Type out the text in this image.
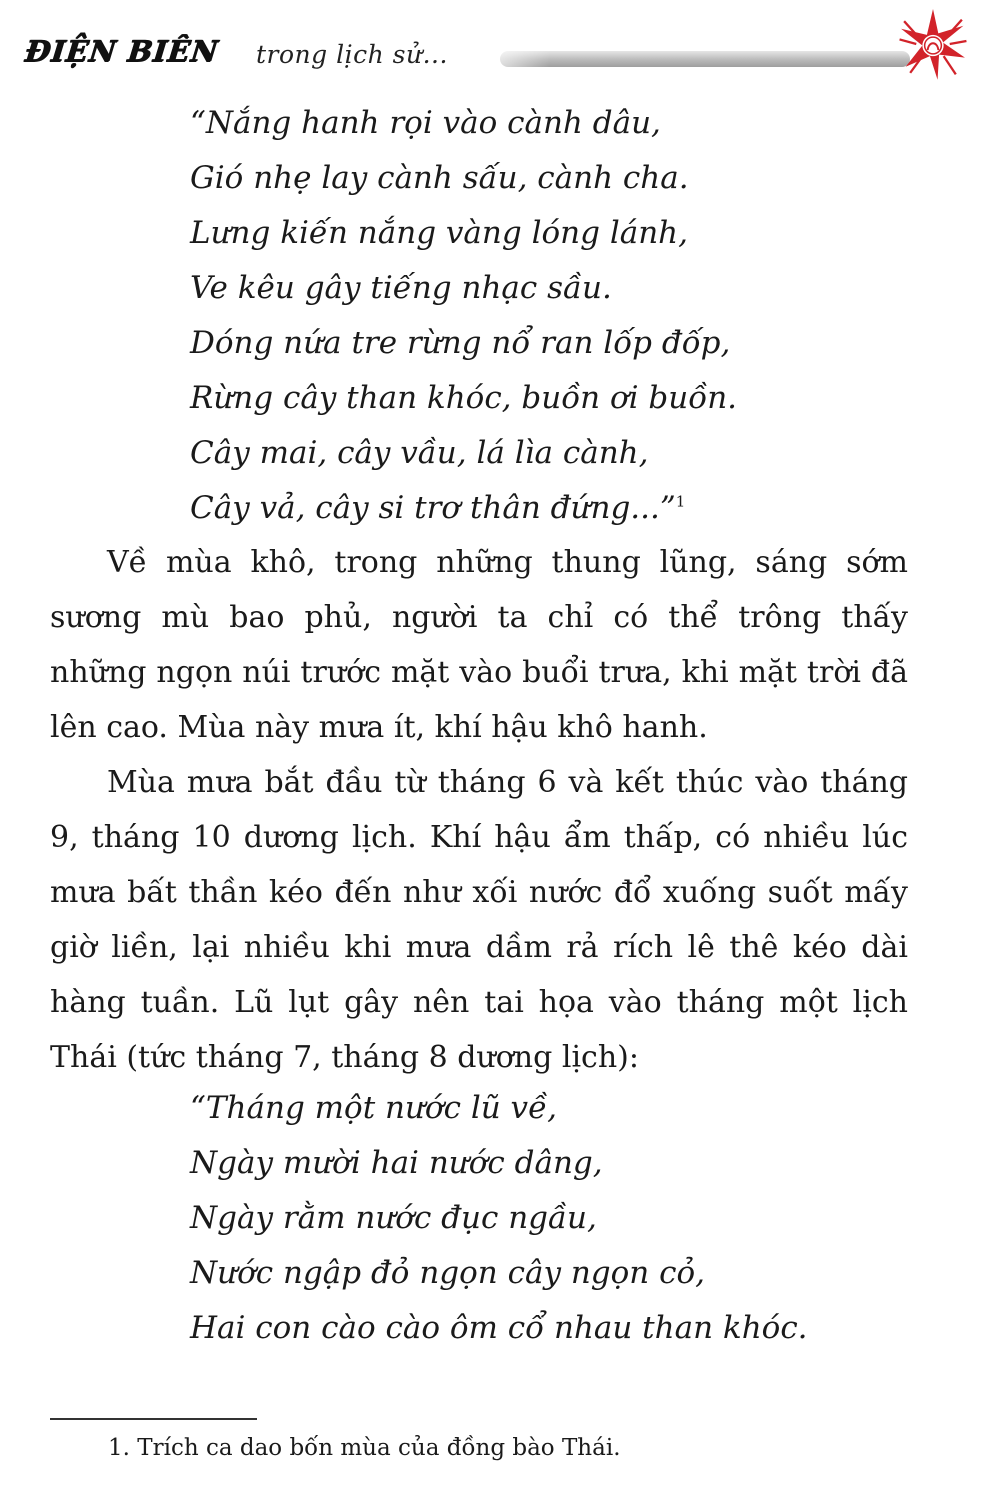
ĐIỆN BIÊN trong lịch sử...
“Nắng hanh rọi vào cành dâu,
Gió nhẹ lay cành sấu, cành cha.
Lưng kiến nắng vàng lóng lánh,
Ve kêu gây tiếng nhạc sầu.
Dóng nứa tre rừng nổ ran lốp đốp,
Rừng cây than khóc, buồn ơi buồn.
Cây mai, cây vầu, lá lìa cành,
Cây vả, cây si trơ thân đứng...”$^1$

Về mùa khô, trong những thung lũng, sáng sớm sương mù bao phủ, người ta chỉ có thể trông thấy những ngọn núi trước mặt vào buổi trưa, khi mặt trời đã lên cao. Mùa này mưa ít, khí hậu khô hanh.

Mùa mưa bắt đầu từ tháng 6 và kết thúc vào tháng 9, tháng 10 dương lịch. Khí hậu ẩm thấp, có nhiều lúc mưa bất thần kéo đến như xối nước đổ xuống suốt mấy giờ liền, lại nhiều khi mưa dầm rả rích lê thê kéo dài hàng tuần. Lũ lụt gây nên tai họa vào tháng một lịch Thái (tức tháng 7, tháng 8 dương lịch):

“Tháng một nước lũ về,
Ngày mười hai nước dâng,
Ngày rằm nước đục ngầu,
Nước ngập đỏ ngọn cây ngọn cỏ,
Hai con cào cào ôm cổ nhau than khóc.
1. Trích ca dao bốn mùa của đồng bào Thái.
